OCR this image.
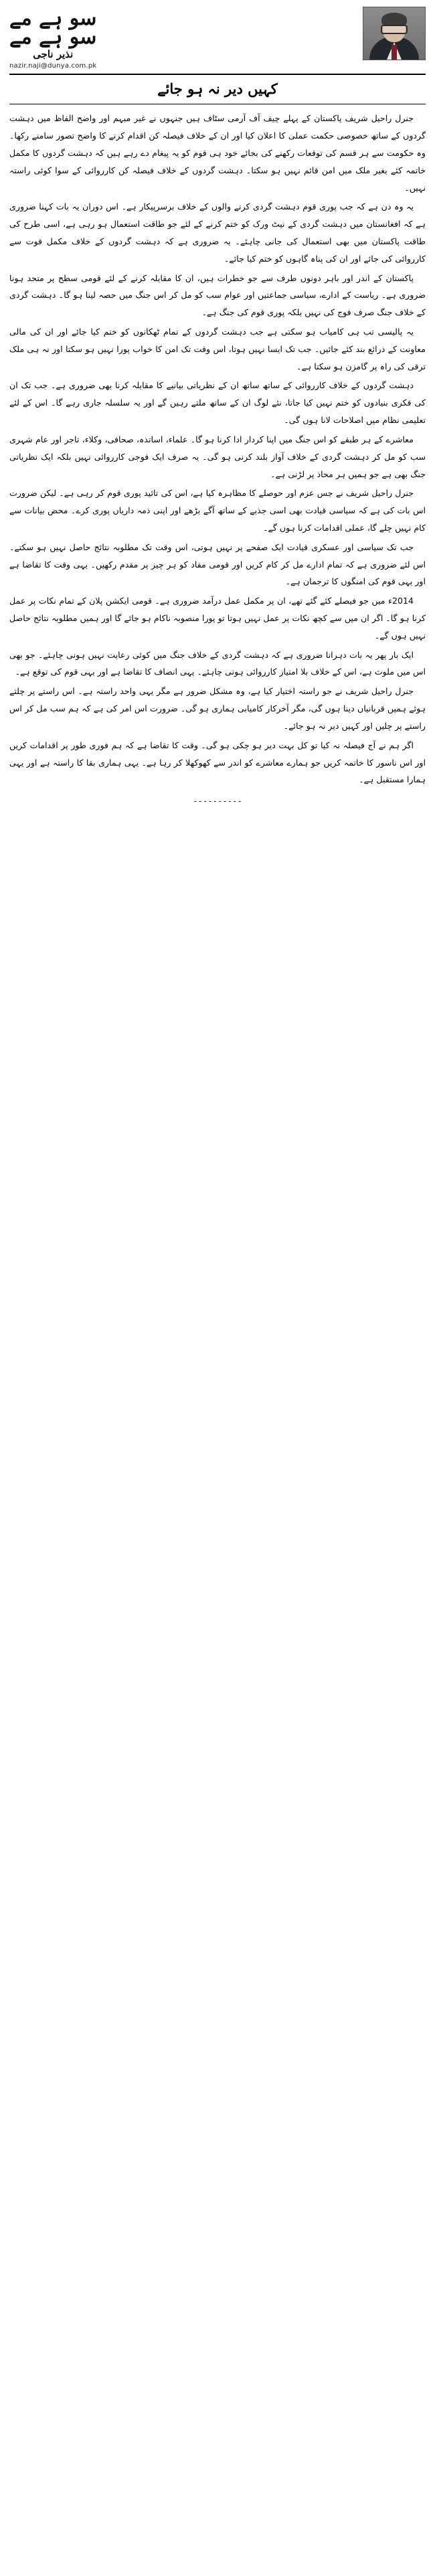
سو ہے مے
سو ہے مے
نذیر ناجی
nazir.naji@dunya.com.pk
کہیں دیر نہ ہو جائے

جنرل راحیل شریف پاکستان کے پہلے چیف آف آرمی سٹاف ہیں جنہوں نے غیر مبہم اور واضح الفاظ میں دہشت گردوں کے ساتھ خصوصی حکمت عملی کا اعلان کیا اور ان کے خلاف فیصلہ کن اقدام کرنے کا واضح تصور سامنے رکھا۔ وہ حکومت سے ہر قسم کی توقعات رکھنے کی بجائے خود ہی قوم کو یہ پیغام دے رہے ہیں کہ دہشت گردوں کا مکمل خاتمہ کئے بغیر ملک میں امن قائم نہیں ہو سکتا۔ دہشت گردوں کے خلاف فیصلہ کن کارروائی کے سوا کوئی راستہ نہیں۔

یہ وہ دن ہے کہ جب پوری قوم دہشت گردی کرنے والوں کے خلاف برسرپیکار ہے۔ اس دوران یہ بات کہنا ضروری ہے کہ افغانستان میں دہشت گردی کے نیٹ ورک کو ختم کرنے کے لئے جو طاقت استعمال ہو رہی ہے، اسی طرح کی طاقت پاکستان میں بھی استعمال کی جانی چاہئے۔ یہ ضروری ہے کہ دہشت گردوں کے خلاف مکمل قوت سے کارروائی کی جائے اور ان کی پناہ گاہوں کو ختم کیا جائے۔

پاکستان کے اندر اور باہر دونوں طرف سے جو خطرات ہیں، ان کا مقابلہ کرنے کے لئے قومی سطح پر متحد ہونا ضروری ہے۔ ریاست کے ادارے، سیاسی جماعتیں اور عوام سب کو مل کر اس جنگ میں حصہ لینا ہو گا۔ دہشت گردی کے خلاف جنگ صرف فوج کی نہیں بلکہ پوری قوم کی جنگ ہے۔

یہ پالیسی تب ہی کامیاب ہو سکتی ہے جب دہشت گردوں کے تمام ٹھکانوں کو ختم کیا جائے اور ان کی مالی معاونت کے ذرائع بند کئے جائیں۔ جب تک ایسا نہیں ہوتا، اس وقت تک امن کا خواب پورا نہیں ہو سکتا اور نہ ہی ملک ترقی کی راہ پر گامزن ہو سکتا ہے۔

دہشت گردوں کے خلاف کارروائی کے ساتھ ساتھ ان کے نظریاتی بیانیے کا مقابلہ کرنا بھی ضروری ہے۔ جب تک ان کی فکری بنیادوں کو ختم نہیں کیا جاتا، نئے لوگ ان کے ساتھ ملتے رہیں گے اور یہ سلسلہ جاری رہے گا۔ اس کے لئے تعلیمی نظام میں اصلاحات لانا ہوں گی۔

معاشرے کے ہر طبقے کو اس جنگ میں اپنا کردار ادا کرنا ہو گا۔ علماء، اساتذہ، صحافی، وکلاء، تاجر اور عام شہری سب کو مل کر دہشت گردی کے خلاف آواز بلند کرنی ہو گی۔ یہ صرف ایک فوجی کارروائی نہیں بلکہ ایک نظریاتی جنگ بھی ہے جو ہمیں ہر محاذ پر لڑنی ہے۔

جنرل راحیل شریف نے جس عزم اور حوصلے کا مظاہرہ کیا ہے، اس کی تائید پوری قوم کر رہی ہے۔ لیکن ضرورت اس بات کی ہے کہ سیاسی قیادت بھی اسی جذبے کے ساتھ آگے بڑھے اور اپنی ذمہ داریاں پوری کرے۔ محض بیانات سے کام نہیں چلے گا، عملی اقدامات کرنا ہوں گے۔

جب تک سیاسی اور عسکری قیادت ایک صفحے پر نہیں ہوتی، اس وقت تک مطلوبہ نتائج حاصل نہیں ہو سکتے۔ اس لئے ضروری ہے کہ تمام ادارے مل کر کام کریں اور قومی مفاد کو ہر چیز پر مقدم رکھیں۔ یہی وقت کا تقاضا ہے اور یہی قوم کی امنگوں کا ترجمان ہے۔

2014ء میں جو فیصلے کئے گئے تھے، ان پر مکمل عمل درآمد ضروری ہے۔ قومی ایکشن پلان کے تمام نکات پر عمل کرنا ہو گا۔ اگر ان میں سے کچھ نکات پر عمل نہیں ہوتا تو پورا منصوبہ ناکام ہو جائے گا اور ہمیں مطلوبہ نتائج حاصل نہیں ہوں گے۔

ایک بار پھر یہ بات دہرانا ضروری ہے کہ دہشت گردی کے خلاف جنگ میں کوئی رعایت نہیں ہونی چاہئے۔ جو بھی اس میں ملوث ہے، اس کے خلاف بلا امتیاز کارروائی ہونی چاہئے۔ یہی انصاف کا تقاضا ہے اور یہی قوم کی توقع ہے۔

جنرل راحیل شریف نے جو راستہ اختیار کیا ہے، وہ مشکل ضرور ہے مگر یہی واحد راستہ ہے۔ اس راستے پر چلتے ہوئے ہمیں قربانیاں دینا ہوں گی، مگر آخرکار کامیابی ہماری ہو گی۔ ضرورت اس امر کی ہے کہ ہم سب مل کر اس راستے پر چلیں اور کہیں دیر نہ ہو جائے۔

اگر ہم نے آج فیصلہ نہ کیا تو کل بہت دیر ہو چکی ہو گی۔ وقت کا تقاضا ہے کہ ہم فوری طور پر اقدامات کریں اور اس ناسور کا خاتمہ کریں جو ہمارے معاشرے کو اندر سے کھوکھلا کر رہا ہے۔ یہی ہماری بقا کا راستہ ہے اور یہی ہمارا مستقبل ہے۔

۔۔۔۔۔۔۔۔۔۔
